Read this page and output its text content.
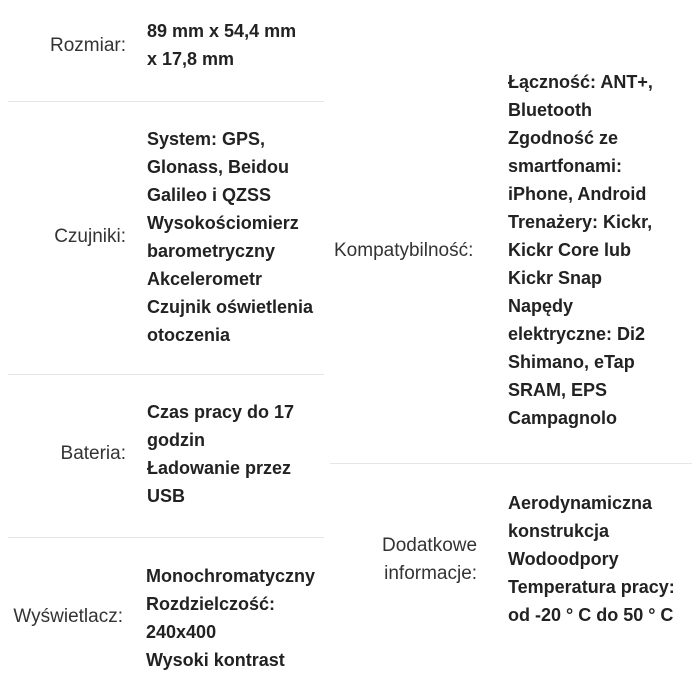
Rozmiar:
89 mm x 54,4 mm
x 17,8 mm
Czujniki:
System: GPS,
Glonass, Beidou
Galileo i QZSS
Wysokościomierz
barometryczny
Akcelerometr
Czujnik oświetlenia
otoczenia
Bateria:
Czas pracy do 17
godzin
Ładowanie przez
USB
Wyświetlacz:
Monochromatyczny
Rozdzielczość:
240x400
Wysoki kontrast
Kompatybilność:
Łączność: ANT+,
Bluetooth
Zgodność ze
smartfonami:
iPhone, Android
Trenażery: Kickr,
Kickr Core lub
Kickr Snap
Napędy
elektryczne: Di2
Shimano, eTap
SRAM, EPS
Campagnolo
Dodatkowe
informacje:
Aerodynamiczna
konstrukcja
Wodoodpory
Temperatura pracy:
od -20 ° C do 50 ° C
